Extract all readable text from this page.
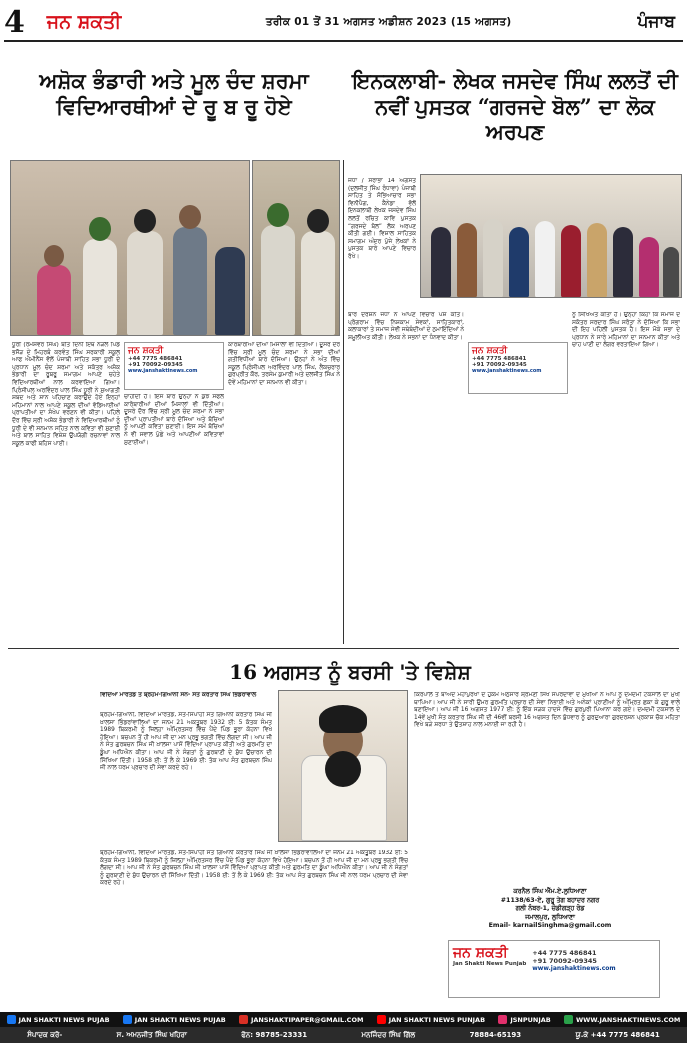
4	ਜਨ ਸ਼ਕਤੀ	ਤਰੀਕ 01 ਤੋਂ 31 ਅਗਸਤ ਅਡੀਸ਼ਨ 2023 (15 ਅਗਸਤ)	ਪੰਜਾਬ
ਅਸ਼ੋਕ ਭੰਡਾਰੀ ਅਤੇ ਮੂਲ ਚੰਦ ਸ਼ਰਮਾ ਵਿਦਿਆਰਥੀਆਂ ਦੇ ਰੂ ਬ ਰੂ ਹੋਏ
ਇਨਕਲਾਬੀ- ਲੇਖਕ ਜਸਦੇਵ ਸਿੰਘ ਲਲਤੋਂ ਦੀ ਨਵੀਂ ਪੁਸਤਕ “ਗਰਜਦੇ ਬੋਲ” ਦਾ ਲੋਕ ਅਰਪਣ
ਜੋਧਾਂ / ਸਰਾਭਾ 14 ਅਗਸਤ (ਦਲਜੀਤ ਸਿੰਘ ਰੰਧਾਵਾ) ਪੰਜਾਬੀ ਸਾਹਿਤ ਤੇ ਸੱਭਿਆਚਾਰ ਸਭਾ ਵਿਨੀਪੈਗ, ਕੈਨੇਡਾ ਵੱਲੋਂ ਇਨਕਲਾਬੀ ਲੇਖਕ ਜਸਦੇਵ ਸਿੰਘ ਲਲਤੋਂ ਰਚਿਤ ਕਾਵਿ ਪੁਸਤਕ “ਗਰਜਦੇ ਬੋਲ” ਲੋਕ ਅਰਪਣ ਕੀਤੀ ਗਈ। ਵਿਸ਼ਾਲ ਸਾਹਿਤਕ ਸਮਾਗਮ ਅੰਦਰ ਪੁੱਜੇ ਲੇਖਕਾਂ ਨੇ ਪੁਸਤਕ ਬਾਰੇ ਆਪਣੇ ਵਿਚਾਰ ਰੱਖੇ।
ਧੂਰੀ (ਰਮੇਸ਼ਵਰ ਸਿੰਘ) ਬੀਤੇ ਦਿਨੀਂ ਇੱਥੋਂ ਨੇੜਲੇ ਪਿੰਡ ਭਸੌੜ ਦੇ ਮਿਹਰਬੰ ਕਰਵੰਤ ਸਿੰਘ ਸਰਕਾਰੀ ਸਕੂਲ ਆਫ ਐਮੀਨੈਂਸ ਵੱਲੋਂ ਪੰਜਾਬੀ ਸਾਹਿਤ ਸਭਾ ਧੂਰੀ ਦੇ ਪ੍ਰਧਾਨ ਮੂਲ ਚੰਦ ਸ਼ਰਮਾ ਅਤੇ ਸਕੱਤਰ ਅਸ਼ੋਕ ਭੰਡਾਰੀ ਦਾ ਰੂਬਰੂ ਸਮਾਗਮ ਆਪਣੇ ਚਹੇਤੇ ਵਿਦਿਆਰਥੀਆਂ ਨਾਲ ਕਰਵਾਇਆ ਗਿਆ। ਪ੍ਰਿੰਸੀਪਲ ਅਰਵਿੰਦਰ ਪਾਲ ਸਿੰਘ ਧੂਰੀ ਨੇ ਸੁਆਗਤੀ ਸ਼ਬਦ ਅਤੇ ਸ਼ਾਨ ਪਹਿਚਾਣ ਕਰਾਉਂਦੇ ਹੋਏ ਇਨ੍ਹਾਂ ਮਹਿਮਾਨਾਂ ਨਾਲ ਆਪਣੇ ਸਕੂਲ ਦੀਆਂ ਵੱਡਿਆਈਆਂ ਪ੍ਰਾਪਤੀਆਂ ਦਾ ਸੰਖੇਪ ਵਰਣਨ ਵੀ ਕੀਤਾ। ਪਹਿਲੇ ਦੌਰ ਵਿੱਚ ਸ੍ਰੀ ਅਸ਼ੋਕ ਭੰਡਾਰੀ ਨੇ ਵਿਦਿਆਰਥੀਆਂ ਨੂੰ ਧੂਰੀ ਦੇ ਵੀ ਸਨਮਾਨ ਸਹਿਤ ਨਾਲ ਕਵਿਤਾ ਵੀ ਸੁਣਾਈ ਅਤੇ ਬਾਲ ਸਾਹਿਤ ਵਿਸ਼ੇਸ਼ ਉਪਯੋਗੀ ਰਚਨਾਵਾਂ ਨਾਲ ਸਕੂਲ ਕਾਫੀ ਬਹਿਸ ਪਾਈ।
ਜਨ ਸ਼ਕਤੀ
+44 7775 486841
+91 70092-09345
www.janshaktinews.com
ਚਾਹੀਦੀ ਹੈ। ਇਸ ਬਾਰੇ ਉਨ੍ਹਾਂ ਨੇ ਕੁੱਝ ਸਫਲ ਕਾਰੋਬਾਰੀਆਂ ਦੀਆਂ ਮਿਸਾਲਾਂ ਵੀ ਦਿੱਤੀਆਂ। ਦੂਸਰੇ ਦੌਰ ਵਿੱਚ ਸ੍ਰੀ ਮੂਲ ਚੰਦ ਸ਼ਰਮਾ ਨੇ ਸਭਾ ਦੀਆਂ ਪ੍ਰਾਪਤੀਆਂ ਬਾਰੇ ਦੱਸਿਆ ਅਤੇ ਬੱਚਿਆਂ ਨੂੰ ਆਪਣੀ ਕਵਿਤਾ ਸੁਣਾਈ। ਇਸ ਸਮੇਂ ਬੱਚਿਆਂ ਨੇ ਵੀ ਸਵਾਲ ਪੁੱਛੇ ਅਤੇ ਆਪਣੀਆਂ ਕਵਿਤਾਵਾਂ ਸੁਣਾਈਆਂ।
ਕਾਰੋਬਾਰੀਆਂ ਦੀਆਂ ਮਿਸਾਲਾਂ ਵੀ ਦਿੱਤੀਆਂ। ਦੂਸਰੇ ਦੌਰ ਵਿੱਚ ਸ੍ਰੀ ਮੂਲ ਚੰਦ ਸ਼ਰਮਾ ਨੇ ਸਭਾ ਦੀਆਂ ਗਤੀਵਿਧੀਆਂ ਬਾਰੇ ਦੱਸਿਆ। ਉਨ੍ਹਾਂ ਨੇ ਅੰਤ ਵਿੱਚ ਸਕੂਲ ਪ੍ਰਿੰਸੀਪਲ ਅਰਵਿੰਦਰ ਪਾਲ ਸਿੰਘ, ਲੈਕਚਰਾਰ ਗੁਰਪ੍ਰੀਤ ਕੌਰ, ਤਰਸੇਮ ਕੁਮਾਰੀ ਅਤੇ ਦਲਜੀਤ ਸਿੰਘ ਨੇ ਦੋਵੇਂ ਮਹਿਮਾਨਾਂ ਦਾ ਸਨਮਾਨ ਵੀ ਕੀਤਾ।
ਬਾਰੇ ਦਰਸ਼ਨ ਜੋਧਾਂ ਨੇ ਆਪਣੇ ਵਿਚਾਰ ਪੇਸ਼ ਕੀਤੇ। ਪ੍ਰੋਗਰਾਮ ਵਿੱਚ ਨਿਸ਼ਕਾਮ ਸੇਵਕਾਂ, ਸਾਹਿਤਕਾਰਾਂ, ਕਲਾਕਾਰਾਂ ਤੇ ਸਮਾਜ ਸੇਵੀ ਜਥੇਬੰਦੀਆਂ ਦੇ ਨੁਮਾਇੰਦਿਆਂ ਨੇ ਸ਼ਮੂਲੀਅਤ ਕੀਤੀ। ਲੇਖਕ ਨੇ ਸਭਨਾਂ ਦਾ ਧੰਨਵਾਦ ਕੀਤਾ।
ਜਨ ਸ਼ਕਤੀ
+44 7775 486841
+91 70092-09345
www.janshaktinews.com
ਨੂੰ ਸਿੱਖਿਅਤ ਕੀਤਾ ਹੈ। ਉਨ੍ਹਾਂ ਕਿਹਾ ਕਿ ਸਮਾਜ ਦੇ ਸਕੱਤਰ ਸਰਦਾਰ ਸਿੰਘ ਸਰੋਤਾ ਨੇ ਦੱਸਿਆ ਕਿ ਸਭਾ ਦੀ ਇਹ ਪਹਿਲੀ ਪੁਸਤਕ ਹੈ। ਇਸ ਮੌਕੇ ਸਭਾ ਦੇ ਪ੍ਰਧਾਨ ਨੇ ਸਾਰੇ ਮਹਿਮਾਨਾਂ ਦਾ ਸਨਮਾਨ ਕੀਤਾ ਅਤੇ ਚਾਹ ਪਾਣੀ ਦਾ ਲੰਗਰ ਵਰਤਾਇਆ ਗਿਆ।
16 ਅਗਸਤ ਨੂੰ ਬਰਸੀ 'ਤੇ ਵਿਸ਼ੇਸ਼
ਵਿਦਿਆ ਮਾਰਤੰਡ ਤੇ ਬ੍ਰਹਮ-ਗਿਆਨੀ ਸਨ- ਸੰਤ ਕਰਤਾਰ ਸਿੰਘ ਭਿੰਡਰਾਂਵਾਲੇ
ਬ੍ਰਹਮ-ਗਿਆਨੀ, ਵਿੱਦਿਆ ਮਾਰਤੰਡ, ਸੰਤ-ਸਿਪਾਹੀ ਸੰਤ ਗਿਆਨੀ ਕਰਤਾਰ ਸਿੰਘ ਜੀ ਖ਼ਾਲਸਾ ਭਿੰਡਰਾਂਵਾਲਿਆਂ ਦਾ ਜਨਮ 21 ਅਕਤੂਬਰ 1932 ਈ: 5 ਕੱਤਕ ਸੰਮਤ 1989 ਬਿਕਰਮੀ ਨੂੰ ਜ਼ਿਲ੍ਹਾ ਅੰਮ੍ਰਿਤਸਰ ਵਿੱਚ ਪੈਂਦੇ ਪਿੰਡ ਭੂਰਾ ਕੋਹਨਾ ਵਿਖੇ ਹੋਇਆ। ਬਚਪਨ ਤੋਂ ਹੀ ਆਪ ਜੀ ਦਾ ਮਨ ਪ੍ਰਭੂ ਭਗਤੀ ਵਿੱਚ ਲੱਗਦਾ ਸੀ। ਆਪ ਜੀ ਨੇ ਸੰਤ ਗੁਰਬਚਨ ਸਿੰਘ ਜੀ ਖ਼ਾਲਸਾ ਪਾਸੋਂ ਵਿੱਦਿਆ ਪ੍ਰਾਪਤ ਕੀਤੀ ਅਤੇ ਗੁਰਮਤਿ ਦਾ ਡੂੰਘਾ ਅਧਿਐਨ ਕੀਤਾ। ਆਪ ਜੀ ਨੇ ਸੰਗਤਾਂ ਨੂੰ ਗੁਰਬਾਣੀ ਦੇ ਸ਼ੁੱਧ ਉਚਾਰਨ ਦੀ ਸਿੱਖਿਆ ਦਿੱਤੀ। 1958 ਈ: ਤੋਂ ਲੈ ਕੇ 1969 ਈ: ਤੱਕ ਆਪ ਸੰਤ ਗੁਰਬਚਨ ਸਿੰਘ ਜੀ ਨਾਲ ਧਰਮ ਪ੍ਰਚਾਰ ਦੀ ਸੇਵਾ ਕਰਦੇ ਰਹੇ।
ਬ੍ਰਹਮ-ਗਿਆਨੀ, ਵਿੱਦਿਆ ਮਾਰਤੰਡ, ਸੰਤ-ਸਿਪਾਹੀ ਸੰਤ ਗਿਆਨੀ ਕਰਤਾਰ ਸਿੰਘ ਜੀ ਖ਼ਾਲਸਾ ਭਿੰਡਰਾਂਵਾਲਿਆਂ ਦਾ ਜਨਮ 21 ਅਕਤੂਬਰ 1932 ਈ: 5 ਕੱਤਕ ਸੰਮਤ 1989 ਬਿਕਰਮੀ ਨੂੰ ਜ਼ਿਲ੍ਹਾ ਅੰਮ੍ਰਿਤਸਰ ਵਿੱਚ ਪੈਂਦੇ ਪਿੰਡ ਭੂਰਾ ਕੋਹਨਾ ਵਿਖੇ ਹੋਇਆ। ਬਚਪਨ ਤੋਂ ਹੀ ਆਪ ਜੀ ਦਾ ਮਨ ਪ੍ਰਭੂ ਭਗਤੀ ਵਿੱਚ ਲੱਗਦਾ ਸੀ। ਆਪ ਜੀ ਨੇ ਸੰਤ ਗੁਰਬਚਨ ਸਿੰਘ ਜੀ ਖ਼ਾਲਸਾ ਪਾਸੋਂ ਵਿੱਦਿਆ ਪ੍ਰਾਪਤ ਕੀਤੀ ਅਤੇ ਗੁਰਮਤਿ ਦਾ ਡੂੰਘਾ ਅਧਿਐਨ ਕੀਤਾ। ਆਪ ਜੀ ਨੇ ਸੰਗਤਾਂ ਨੂੰ ਗੁਰਬਾਣੀ ਦੇ ਸ਼ੁੱਧ ਉਚਾਰਨ ਦੀ ਸਿੱਖਿਆ ਦਿੱਤੀ। 1958 ਈ: ਤੋਂ ਲੈ ਕੇ 1969 ਈ: ਤੱਕ ਆਪ ਸੰਤ ਗੁਰਬਚਨ ਸਿੰਘ ਜੀ ਨਾਲ ਧਰਮ ਪ੍ਰਚਾਰ ਦੀ ਸੇਵਾ ਕਰਦੇ ਰਹੇ।
ਕਿਰਪਾਲ ਤੇ ਬਾਅਦ ਮਹਾਂਪੁਰਖਾਂ ਦੇ ਹੁਕਮ ਅਨੁਸਾਰ ਸ਼੍ਰੋਮਣੀ ਸਿੱਖ ਸੰਪਰਦਾਵਾਂ ਦੇ ਮੁਖੀਆਂ ਨੇ ਆਪ ਨੂੰ ਦਮਦਮੀ ਟਕਸਾਲ ਦਾ ਮੁਖੀ ਥਾਪਿਆ। ਆਪ ਜੀ ਨੇ ਸਾਰੀ ਉਮਰ ਗੁਰਮਤਿ ਪ੍ਰਚਾਰ ਦੀ ਸੇਵਾ ਨਿਭਾਈ ਅਤੇ ਅਨੇਕਾਂ ਪ੍ਰਾਣੀਆਂ ਨੂੰ ਅੰਮ੍ਰਿਤ ਛਕਾ ਕੇ ਗੁਰੂ ਵਾਲੇ ਬਣਾਇਆ। ਆਪ ਜੀ 16 ਅਗਸਤ 1977 ਈ: ਨੂੰ ਇੱਕ ਸੜਕ ਹਾਦਸੇ ਵਿੱਚ ਗੁਰਪੁਰੀ ਪਿਆਨਾ ਕਰ ਗਏ। ਦਮਦਮੀ ਟਕਸਾਲ ਦੇ 14ਵੇਂ ਮੁਖੀ ਸੰਤ ਕਰਤਾਰ ਸਿੰਘ ਜੀ ਦੀ 46ਵੀਂ ਬਰਸੀ 16 ਅਗਸਤ ਦਿਨ ਬੁੱਧਵਾਰ ਨੂੰ ਗੁਰਦੁਆਰਾ ਗੁਰਦਰਸ਼ਨ ਪ੍ਰਕਾਸ਼ ਚੌਕ ਮਹਿਤਾ ਵਿਖੇ ਬੜੇ ਸ਼ਰਧਾ ਤੇ ਉਤਸ਼ਾਹ ਨਾਲ ਮਨਾਈ ਜਾ ਰਹੀ ਹੈ।
ਕਰਨੈਲ ਸਿੰਘ ਐੱਮ.ਏ.ਲੁਧਿਆਣਾ
#1138/63-ਏ, ਗੁਰੂ ਤੇਗ ਬਹਾਦਰ ਨਗਰ
ਗਲੀ ਨੰਬਰ-1, ਚੰਡੀਗੜ੍ਹ ਰੋਡ
ਜਮਾਲਪੁਰ, ਲੁਧਿਆਣਾ
Email- karnailSinghma@gmail.com
ਜਨ ਸ਼ਕਤੀ
Jan Shakti News Punjab
+44 7775 486841
+91 70092-09345
www.janshaktinews.com
JAN SHAKTI NEWS PUJAB	JAN SHAKTI NEWS PUJAB	JANSHAKTIPAPER@GMAIL.COM	JAN SHAKTI NEWS PUNJAB	JSNPUNJAB	WWW.JANSHAKTINEWS.COM
ਸੰਪਾਦਕ ਕਰੋ-	ਸ. ਅਮਨਜੀਤ ਸਿੰਘ ਖਹਿਰਾ	ਫੋਨ: 98785-23331	ਮਨਜਿੰਦਰ ਸਿੰਘ ਗਿੱਲ	78884-65193	ਯੂ.ਕੇ +44 7775 486841
